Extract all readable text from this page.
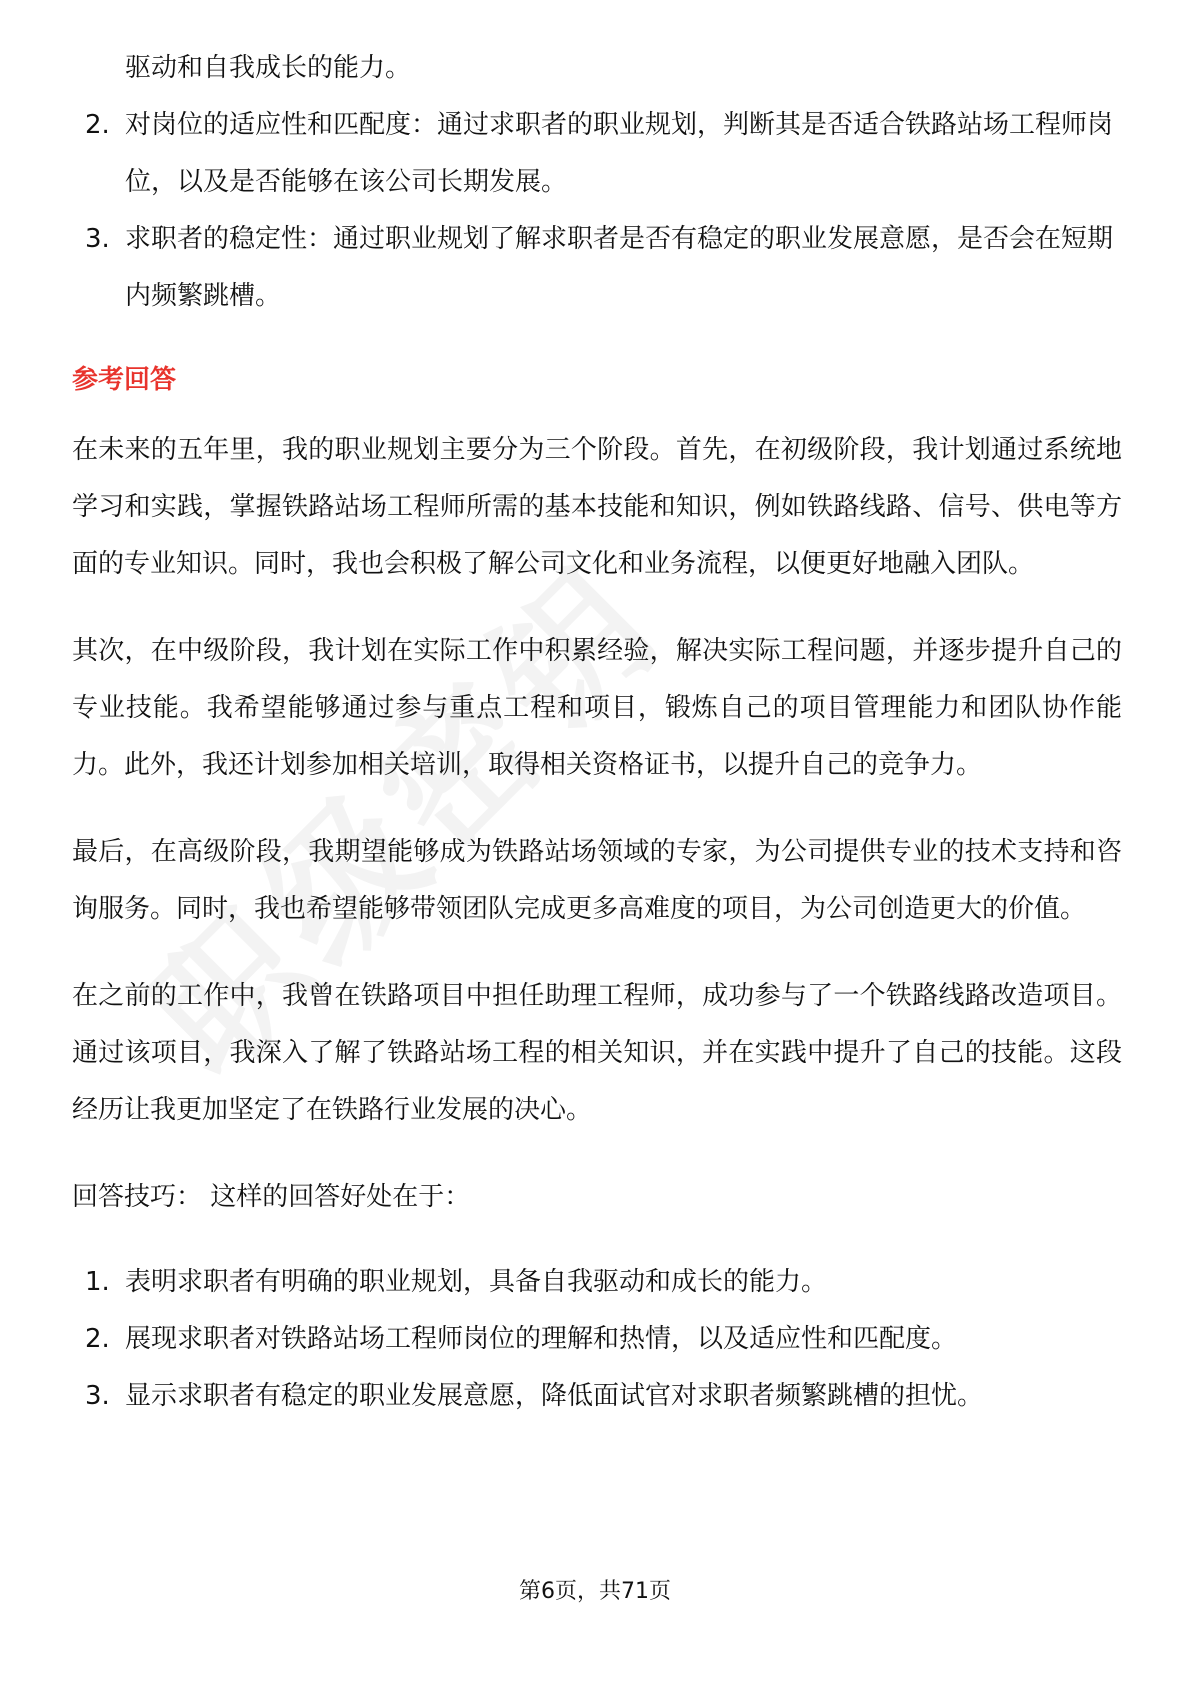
驱动和自我成长的能力。
2. 对岗位的适应性和匹配度：通过求职者的职业规划，判断其是否适合铁路站场工程师岗位，以及是否能够在该公司长期发展。
3. 求职者的稳定性：通过职业规划了解求职者是否有稳定的职业发展意愿，是否会在短期内频繁跳槽。
参考回答

在未来的五年里，我的职业规划主要分为三个阶段。首先，在初级阶段，我计划通过系统地学习和实践，掌握铁路站场工程师所需的基本技能和知识，例如铁路线路、信号、供电等方面的专业知识。同时，我也会积极了解公司文化和业务流程，以便更好地融入团队。

其次，在中级阶段，我计划在实际工作中积累经验，解决实际工程问题，并逐步提升自己的专业技能。我希望能够通过参与重点工程和项目，锻炼自己的项目管理能力和团队协作能力。此外，我还计划参加相关培训，取得相关资格证书，以提升自己的竞争力。

最后，在高级阶段，我期望能够成为铁路站场领域的专家，为公司提供专业的技术支持和咨询服务。同时，我也希望能够带领团队完成更多高难度的项目，为公司创造更大的价值。

在之前的工作中，我曾在铁路项目中担任助理工程师，成功参与了一个铁路线路改造项目。通过该项目，我深入了解了铁路站场工程的相关知识，并在实践中提升了自己的技能。这段经历让我更加坚定了在铁路行业发展的决心。

回答技巧： 这样的回答好处在于：
1. 表明求职者有明确的职业规划，具备自我驱动和成长的能力。
2. 展现求职者对铁路站场工程师岗位的理解和热情，以及适应性和匹配度。
3. 显示求职者有稳定的职业发展意愿，降低面试官对求职者频繁跳槽的担忧。
第6页，共71页
